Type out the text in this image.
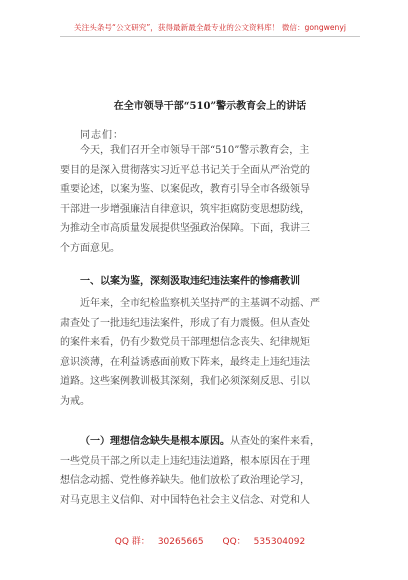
关注头条号“公文研究”，获得最新最全最专业的公文资料库！ 微信：gongwenyj
在全市领导干部“510”警示教育会上的讲话
同志们：
今天，我们召开全市领导干部“510”警示教育会，主
要目的是深入贯彻落实习近平总书记关于全面从严治党的
重要论述，以案为鉴、以案促改，教育引导全市各级领导
干部进一步增强廉洁自律意识，筑牢拒腐防变思想防线，
为推动全市高质量发展提供坚强政治保障。下面，我讲三
个方面意见。
一、以案为鉴，深刻汲取违纪违法案件的惨痛教训
近年来，全市纪检监察机关坚持严的主基调不动摇、严
肃查处了一批违纪违法案件，形成了有力震慑。但从查处
的案件来看，仍有少数党员干部理想信念丧失、纪律规矩
意识淡薄，在利益诱惑面前败下阵来，最终走上违纪违法
道路。这些案例教训极其深刻，我们必须深刻反思、引以
为戒。
（一）理想信念缺失是根本原因。从查处的案件来看，
一些党员干部之所以走上违纪违法道路，根本原因在于理
想信念动摇、党性修养缺失。他们放松了政治理论学习，
对马克思主义信仰、对中国特色社会主义信念、对党和人
QQ 群： 30265665 QQ： 535304092
